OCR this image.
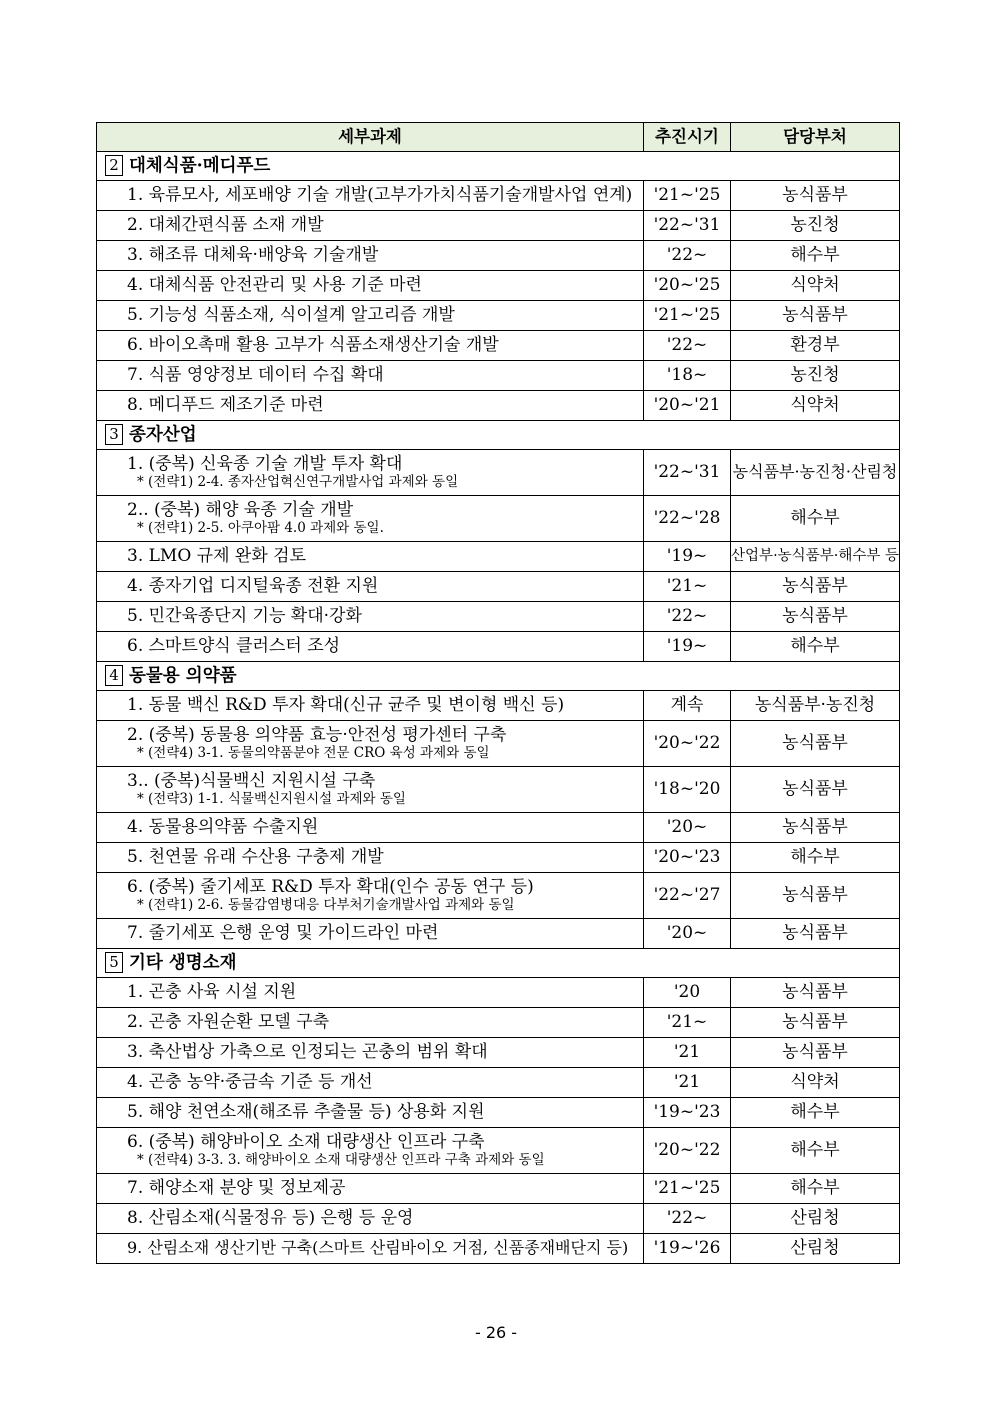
세부과제	추진시기	담당부처
2 대체식품·메디푸드		

1. 육류모사, 세포배양 기술 개발(고부가가치식품기술개발사업 연계)	'21~'25	농식품부

2. 대체간편식품 소재 개발	'22~'31	농진청

3. 해조류 대체육·배양육 기술개발	'22~	해수부

4. 대체식품 안전관리 및 사용 기준 마련	'20~'25	식약처

5. 기능성 식품소재, 식이설계 알고리즘 개발	'21~'25	농식품부

6. 바이오촉매 활용 고부가 식품소재생산기술 개발	'22~	환경부

7. 식품 영양정보 데이터 수집 확대	'18~	농진청

8. 메디푸드 제조기준 마련	'20~'21	식약처
3 종자산업		

1. (중복) 신육종 기술 개발 투자 확대
* (전략1) 2-4. 종자산업혁신연구개발사업 과제와 동일	'22~'31	농식품부·농진청·산림청

2.. (중복) 해양 육종 기술 개발
* (전략1) 2-5. 아쿠아팜 4.0 과제와 동일.	'22~'28	해수부

3. LMO 규제 완화 검토	'19~	산업부·농식품부·해수부 등

4. 종자기업 디지털육종 전환 지원	'21~	농식품부

5. 민간육종단지 기능 확대·강화	'22~	농식품부

6. 스마트양식 클러스터 조성	'19~	해수부
4 동물용 의약품		

1. 동물 백신 R&D 투자 확대(신규 균주 및 변이형 백신 등)	계속	농식품부·농진청

2. (중복) 동물용 의약품 효능·안전성 평가센터 구축
* (전략4) 3-1. 동물의약품분야 전문 CRO 육성 과제와 동일	'20~'22	농식품부

3.. (중복)식물백신 지원시설 구축
* (전략3) 1-1. 식물백신지원시설 과제와 동일	'18~'20	농식품부

4. 동물용의약품 수출지원	'20~	농식품부

5. 천연물 유래 수산용 구충제 개발	'20~'23	해수부

6. (중복) 줄기세포 R&D 투자 확대(인수 공동 연구 등)
* (전략1) 2-6. 동물감염병대응 다부처기술개발사업 과제와 동일	'22~'27	농식품부

7. 줄기세포 은행 운영 및 가이드라인 마련	'20~	농식품부
5 기타 생명소재		

1. 곤충 사육 시설 지원	'20	농식품부

2. 곤충 자원순환 모델 구축	'21~	농식품부

3. 축산법상 가축으로 인정되는 곤충의 범위 확대	'21	농식품부

4. 곤충 농약·중금속 기준 등 개선	'21	식약처

5. 해양 천연소재(해조류 추출물 등) 상용화 지원	'19~'23	해수부

6. (중복) 해양바이오 소재 대량생산 인프라 구축
* (전략4) 3-3. 3. 해양바이오 소재 대량생산 인프라 구축 과제와 동일	'20~'22	해수부

7. 해양소재 분양 및 정보제공	'21~'25	해수부

8. 산림소재(식물정유 등) 은행 등 운영	'22~	산림청

9. 산림소재 생산기반 구축(스마트 산림바이오 거점, 신품종재배단지 등)	'19~'26	산림청
- 26 -
